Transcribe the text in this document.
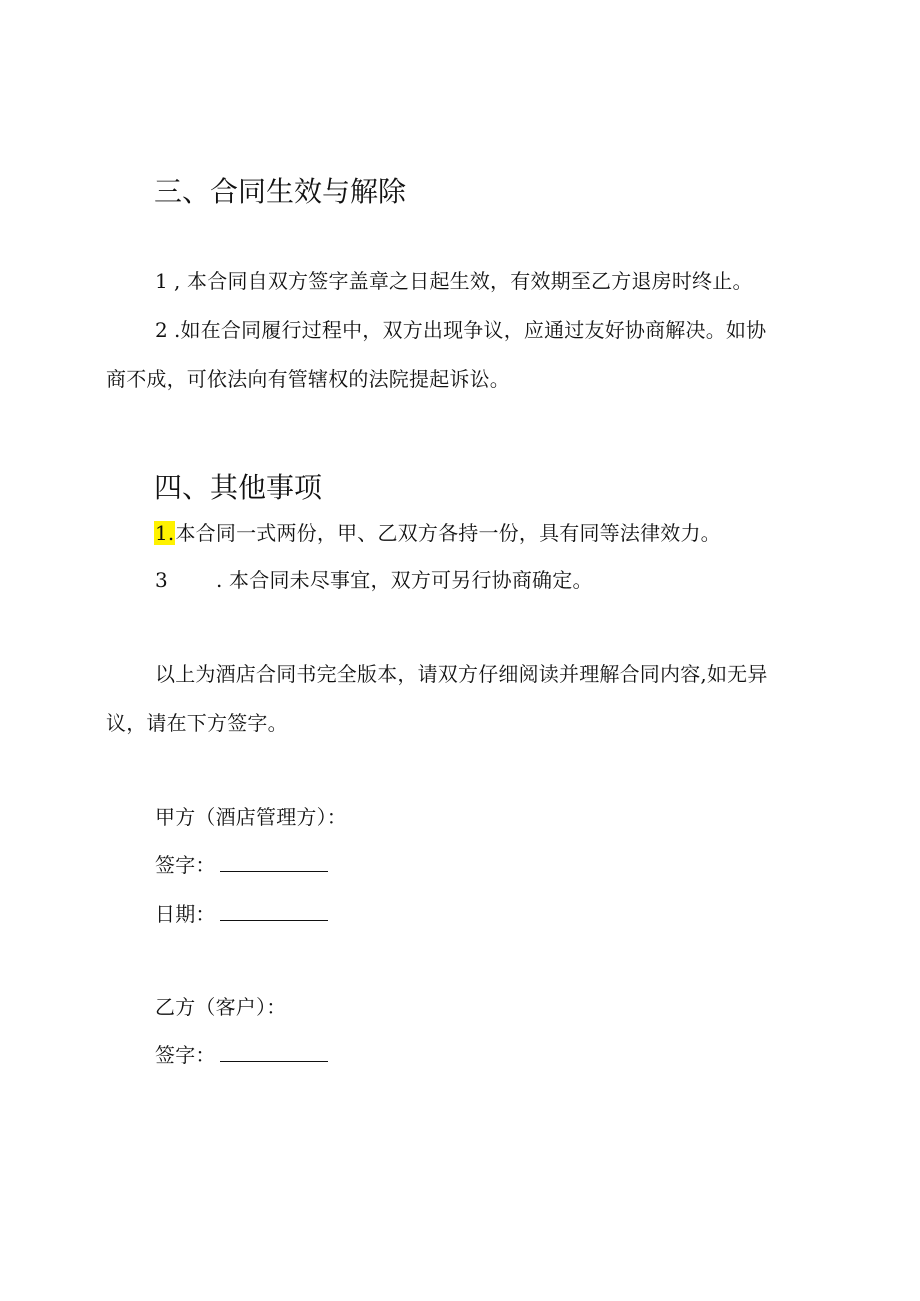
三、合同生效与解除
1 , 本合同自双方签字盖章之日起生效，有效期至乙方退房时终止。
2 .如在合同履行过程中，双方出现争议，应通过友好协商解决。如协
商不成，可依法向有管辖权的法院提起诉讼。
四、其他事项
1.本合同一式两份，甲、乙双方各持一份，具有同等法律效力。
3 . 本合同未尽事宜，双方可另行协商确定。
以上为酒店合同书完全版本，请双方仔细阅读并理解合同内容,如无异
议，请在下方签字。
甲方（酒店管理方）：
签字：
日期：
乙方（客户）：
签字：
